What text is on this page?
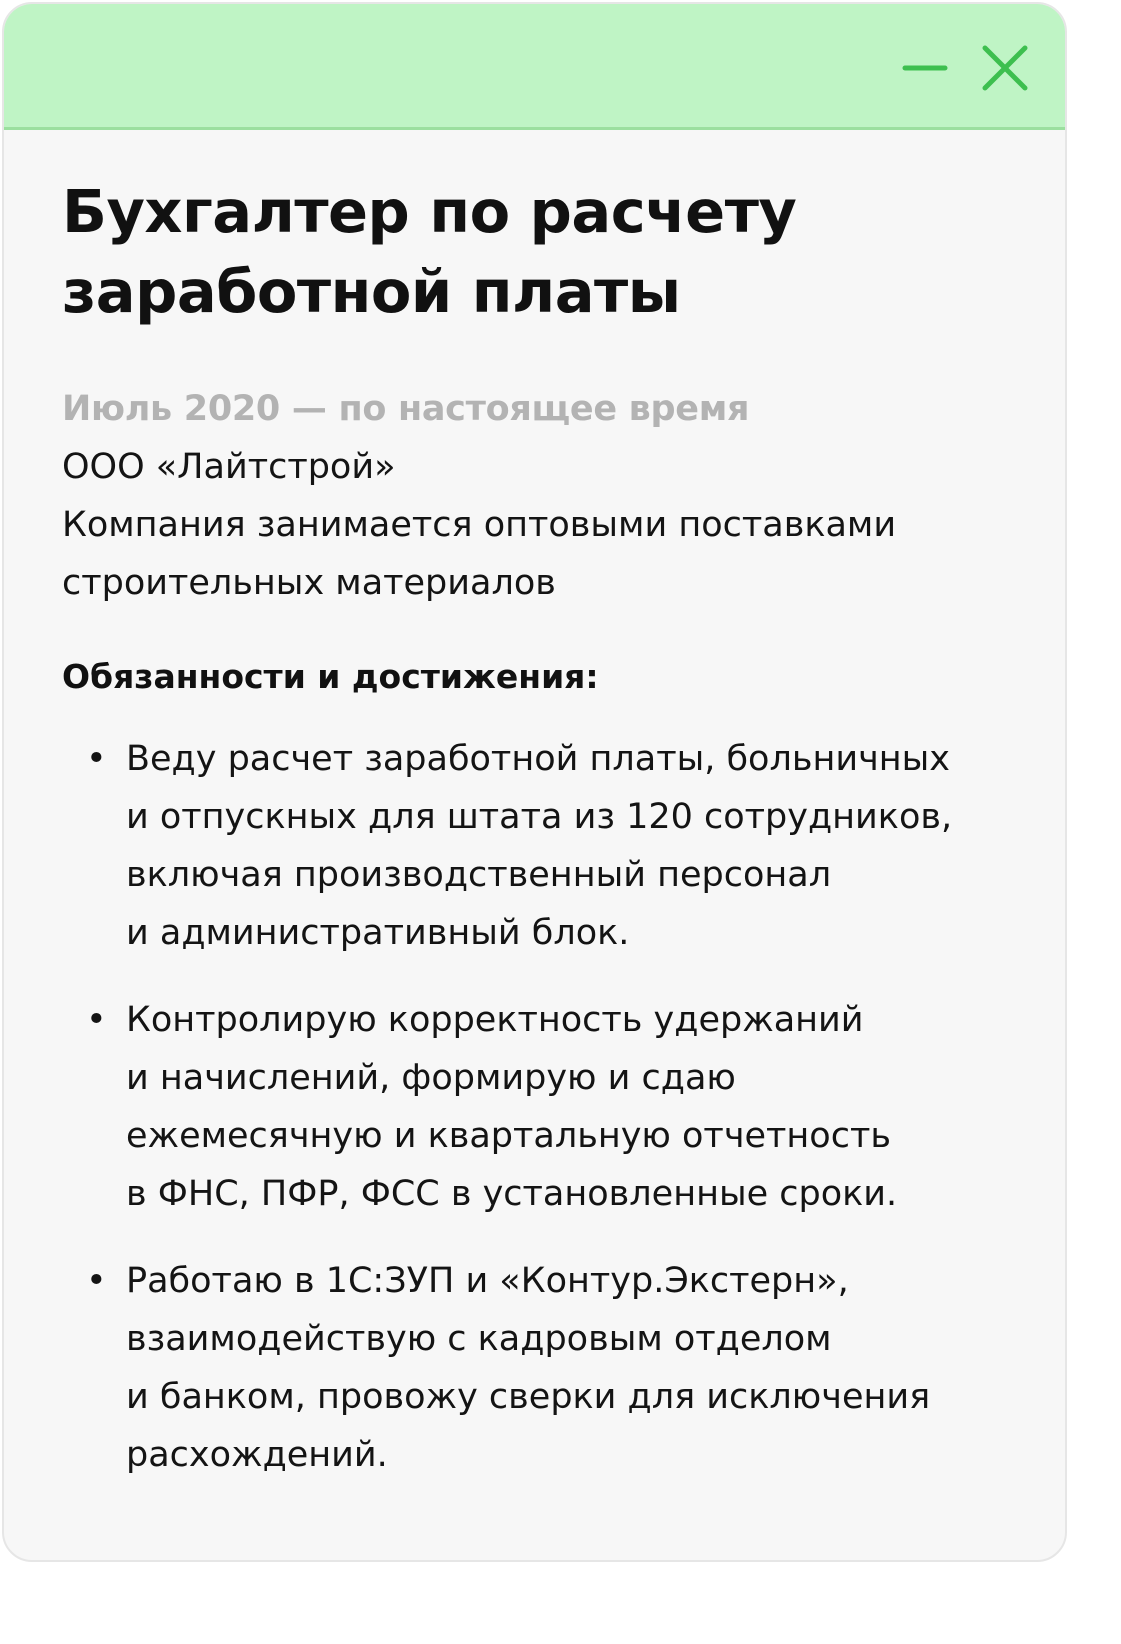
Бухгалтер по расчету
заработной платы
Июль 2020 — по настоящее время
ООО «Лайтстрой»
Компания занимается оптовыми поставками
строительных материалов
Обязанности и достижения:
• Веду расчет заработной платы, больничных
и отпускных для штата из 120 сотрудников,
включая производственный персонал
и административный блок.
• Контролирую корректность удержаний
и начислений, формирую и сдаю
ежемесячную и квартальную отчетность
в ФНС, ПФР, ФСС в установленные сроки.
• Работаю в 1С:ЗУП и «Контур.Экстерн»,
взаимодействую с кадровым отделом
и банком, провожу сверки для исключения
расхождений.
